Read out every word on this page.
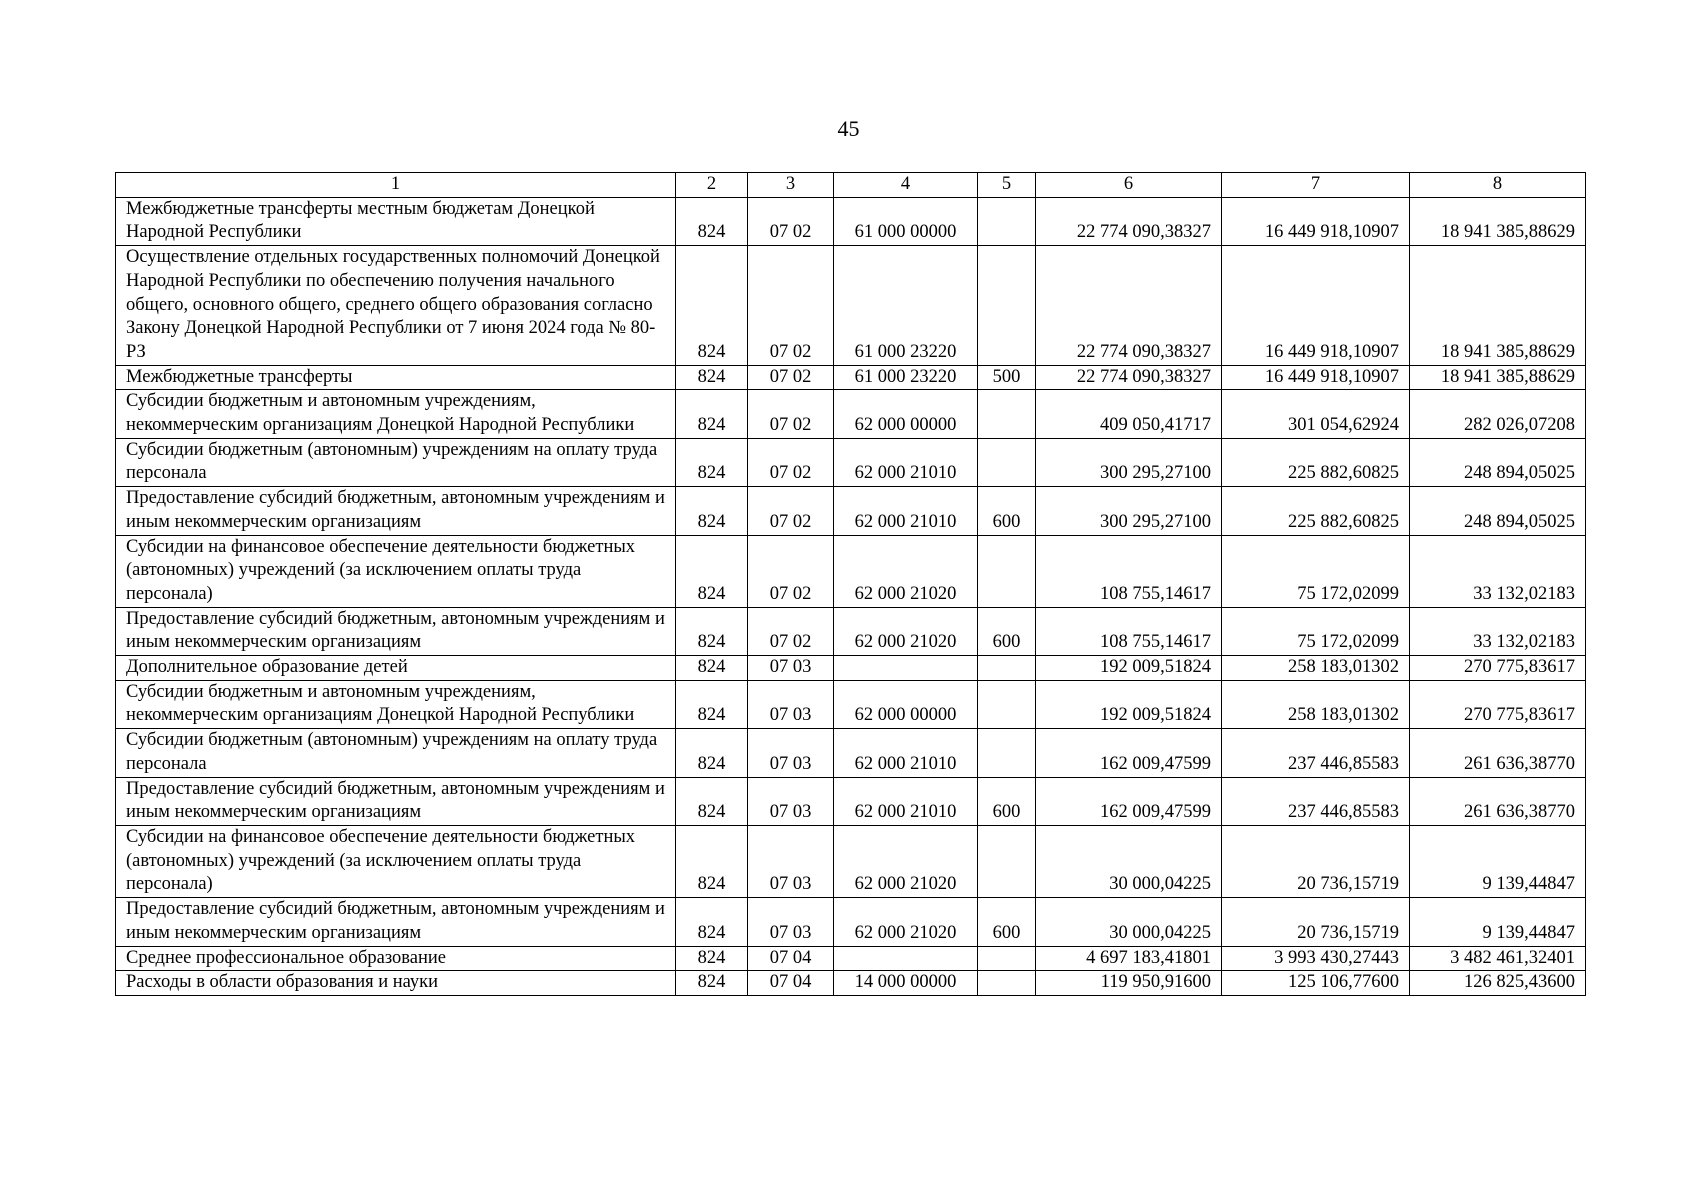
45
1	2	3	4	5	6	7	8
Межбюджетные трансферты местным бюджетам Донецкой Народной Республики	824	07 02	61 000 00000		22 774 090,38327	16 449 918,10907	18 941 385,88629
Осуществление отдельных государственных полномочий Донецкой Народной Республики по обеспечению получения начального общего, основного общего, среднего общего образования согласно Закону Донецкой Народной Республики от 7 июня 2024 года № 80-РЗ	824	07 02	61 000 23220		22 774 090,38327	16 449 918,10907	18 941 385,88629
Межбюджетные трансферты	824	07 02	61 000 23220	500	22 774 090,38327	16 449 918,10907	18 941 385,88629
Субсидии бюджетным и автономным учреждениям, некоммерческим организациям Донецкой Народной Республики	824	07 02	62 000 00000		409 050,41717	301 054,62924	282 026,07208
Субсидии бюджетным (автономным) учреждениям на оплату труда персонала	824	07 02	62 000 21010		300 295,27100	225 882,60825	248 894,05025
Предоставление субсидий бюджетным, автономным учреждениям и иным некоммерческим организациям	824	07 02	62 000 21010	600	300 295,27100	225 882,60825	248 894,05025
Субсидии на финансовое обеспечение деятельности бюджетных (автономных) учреждений (за исключением оплаты труда персонала)	824	07 02	62 000 21020		108 755,14617	75 172,02099	33 132,02183
Предоставление субсидий бюджетным, автономным учреждениям и иным некоммерческим организациям	824	07 02	62 000 21020	600	108 755,14617	75 172,02099	33 132,02183
Дополнительное образование детей	824	07 03			192 009,51824	258 183,01302	270 775,83617
Субсидии бюджетным и автономным учреждениям, некоммерческим организациям Донецкой Народной Республики	824	07 03	62 000 00000		192 009,51824	258 183,01302	270 775,83617
Субсидии бюджетным (автономным) учреждениям на оплату труда персонала	824	07 03	62 000 21010		162 009,47599	237 446,85583	261 636,38770
Предоставление субсидий бюджетным, автономным учреждениям и иным некоммерческим организациям	824	07 03	62 000 21010	600	162 009,47599	237 446,85583	261 636,38770
Субсидии на финансовое обеспечение деятельности бюджетных (автономных) учреждений (за исключением оплаты труда персонала)	824	07 03	62 000 21020		30 000,04225	20 736,15719	9 139,44847
Предоставление субсидий бюджетным, автономным учреждениям и иным некоммерческим организациям	824	07 03	62 000 21020	600	30 000,04225	20 736,15719	9 139,44847
Среднее профессиональное образование	824	07 04			4 697 183,41801	3 993 430,27443	3 482 461,32401
Расходы в области образования и науки	824	07 04	14 000 00000		119 950,91600	125 106,77600	126 825,43600
